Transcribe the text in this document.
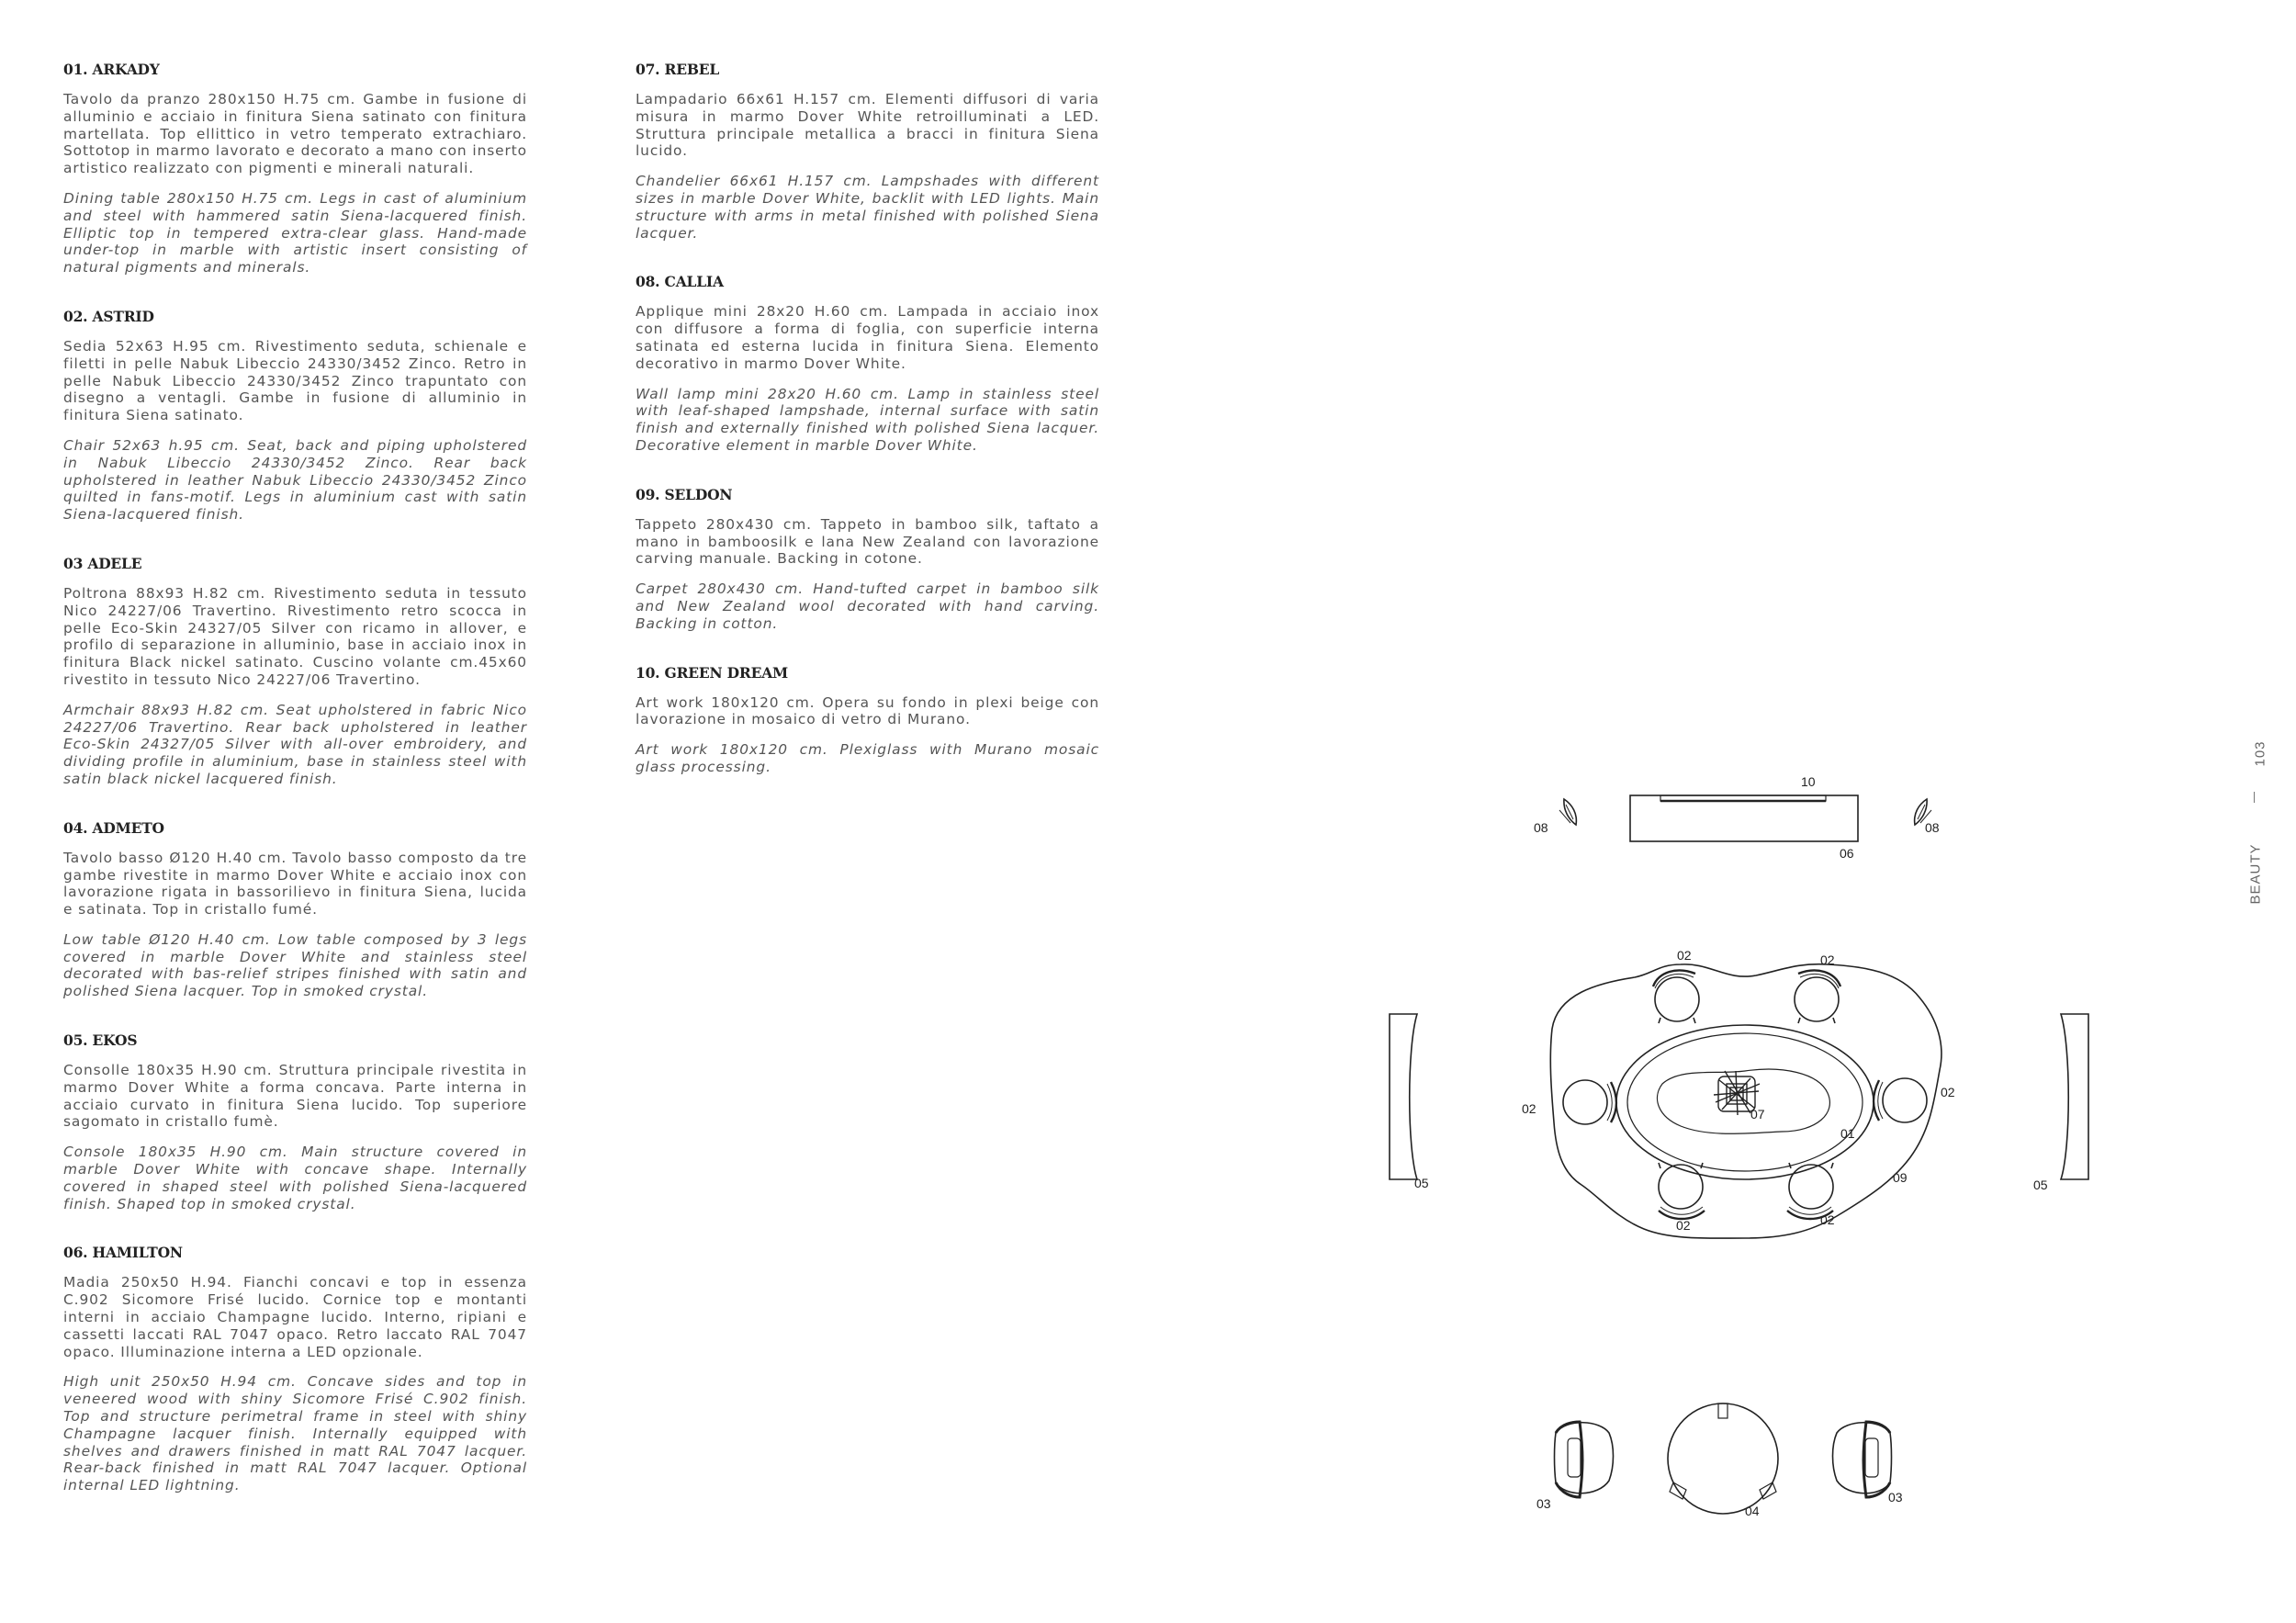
01. ARKADY

Tavolo da pranzo 280x150 H.75 cm. Gambe in fusione di alluminio e acciaio in finitura Siena satinato con finitura martellata. Top ellittico in vetro temperato extrachiaro. Sottotop in marmo lavorato e decorato a mano con inserto artistico realizzato con pigmenti e minerali naturali.

Dining table 280x150 H.75 cm. Legs in cast of aluminium and steel with hammered satin Siena-lacquered finish. Elliptic top in tempered extra-clear glass. Hand-made under-top in marble with artistic insert consisting of natural pigments and minerals.

02. ASTRID

Sedia 52x63 H.95 cm. Rivestimento seduta, schienale e filetti in pelle Nabuk Libeccio 24330/3452 Zinco. Retro in pelle Nabuk Libeccio 24330/3452 Zinco trapuntato con disegno a ventagli. Gambe in fusione di alluminio in finitura Siena satinato.

Chair 52x63 h.95 cm. Seat, back and piping upholstered in Nabuk Libeccio 24330/3452 Zinco. Rear back upholstered in leather Nabuk Libeccio 24330/3452 Zinco quilted in fans-motif. Legs in aluminium cast with satin Siena-lacquered finish.

03 ADELE

Poltrona 88x93 H.82 cm. Rivestimento seduta in tessuto Nico 24227/06 Travertino. Rivestimento retro scocca in pelle Eco-Skin 24327/05 Silver con ricamo in allover, e profilo di separazione in alluminio, base in acciaio inox in finitura Black nickel satinato. Cuscino volante cm.45x60 rivestito in tessuto Nico 24227/06 Travertino.

Armchair 88x93 H.82 cm. Seat upholstered in fabric Nico 24227/06 Travertino. Rear back upholstered in leather Eco-Skin 24327/05 Silver with all-over embroidery, and dividing profile in aluminium, base in stainless steel with satin black nickel lacquered finish.

04. ADMETO

Tavolo basso Ø120 H.40 cm. Tavolo basso composto da tre gambe rivestite in marmo Dover White e acciaio inox con lavorazione rigata in bassorilievo in finitura Siena, lucida e satinata. Top in cristallo fumé.

Low table Ø120 H.40 cm. Low table composed by 3 legs covered in marble Dover White and stainless steel decorated with bas-relief stripes finished with satin and polished Siena lacquer. Top in smoked crystal.

05. EKOS

Consolle 180x35 H.90 cm. Struttura principale rivestita in marmo Dover White a forma concava. Parte interna in acciaio curvato in finitura Siena lucido. Top superiore sagomato in cristallo fumè.

Console 180x35 H.90 cm. Main structure covered in marble Dover White with concave shape. Internally covered in shaped steel with polished Siena-lacquered finish. Shaped top in smoked crystal.

06. HAMILTON

Madia 250x50 H.94. Fianchi concavi e top in essenza C.902 Sicomore Frisé lucido. Cornice top e montanti interni in acciaio Champagne lucido. Interno, ripiani e cassetti laccati RAL 7047 opaco. Retro laccato RAL 7047 opaco. Illuminazione interna a LED opzionale.

High unit 250x50 H.94 cm. Concave sides and top in veneered wood with shiny Sicomore Frisé C.902 finish. Top and structure perimetral frame in steel with shiny Champagne lacquer finish. Internally equipped with shelves and drawers finished in matt RAL 7047 lacquer. Rear-back finished in matt RAL 7047 lacquer. Optional internal LED lightning.

07. REBEL

Lampadario 66x61 H.157 cm. Elementi diffusori di varia misura in marmo Dover White retroilluminati a LED. Struttura principale metallica a bracci in finitura Siena lucido.

Chandelier 66x61 H.157 cm. Lampshades with different sizes in marble Dover White, backlit with LED lights. Main structure with arms in metal finished with polished Siena lacquer.

08. CALLIA

Applique mini 28x20 H.60 cm. Lampada in acciaio inox con diffusore a forma di foglia, con superficie interna satinata ed esterna lucida in finitura Siena. Elemento decorativo in marmo Dover White.

Wall lamp mini 28x20 H.60 cm. Lamp in stainless steel with leaf-shaped lampshade, internal surface with satin finish and externally finished with polished Siena lacquer. Decorative element in marble Dover White.

09. SELDON

Tappeto 280x430 cm. Tappeto in bamboo silk, taftato a mano in bamboosilk e lana New Zealand con lavorazione carving manuale. Backing in cotone.

Carpet 280x430 cm. Hand-tufted carpet in bamboo silk and New Zealand wool decorated with hand carving. Backing in cotton.

10. GREEN DREAM

Art work 180x120 cm. Opera su fondo in plexi beige con lavorazione in mosaico di vetro di Murano.

Art work 180x120 cm. Plexiglass with Murano mosaic glass processing.

103
BEAUTY
10
06
08	08
02	02
02
02
02	02
07
01
09
05	05
03	03
04
